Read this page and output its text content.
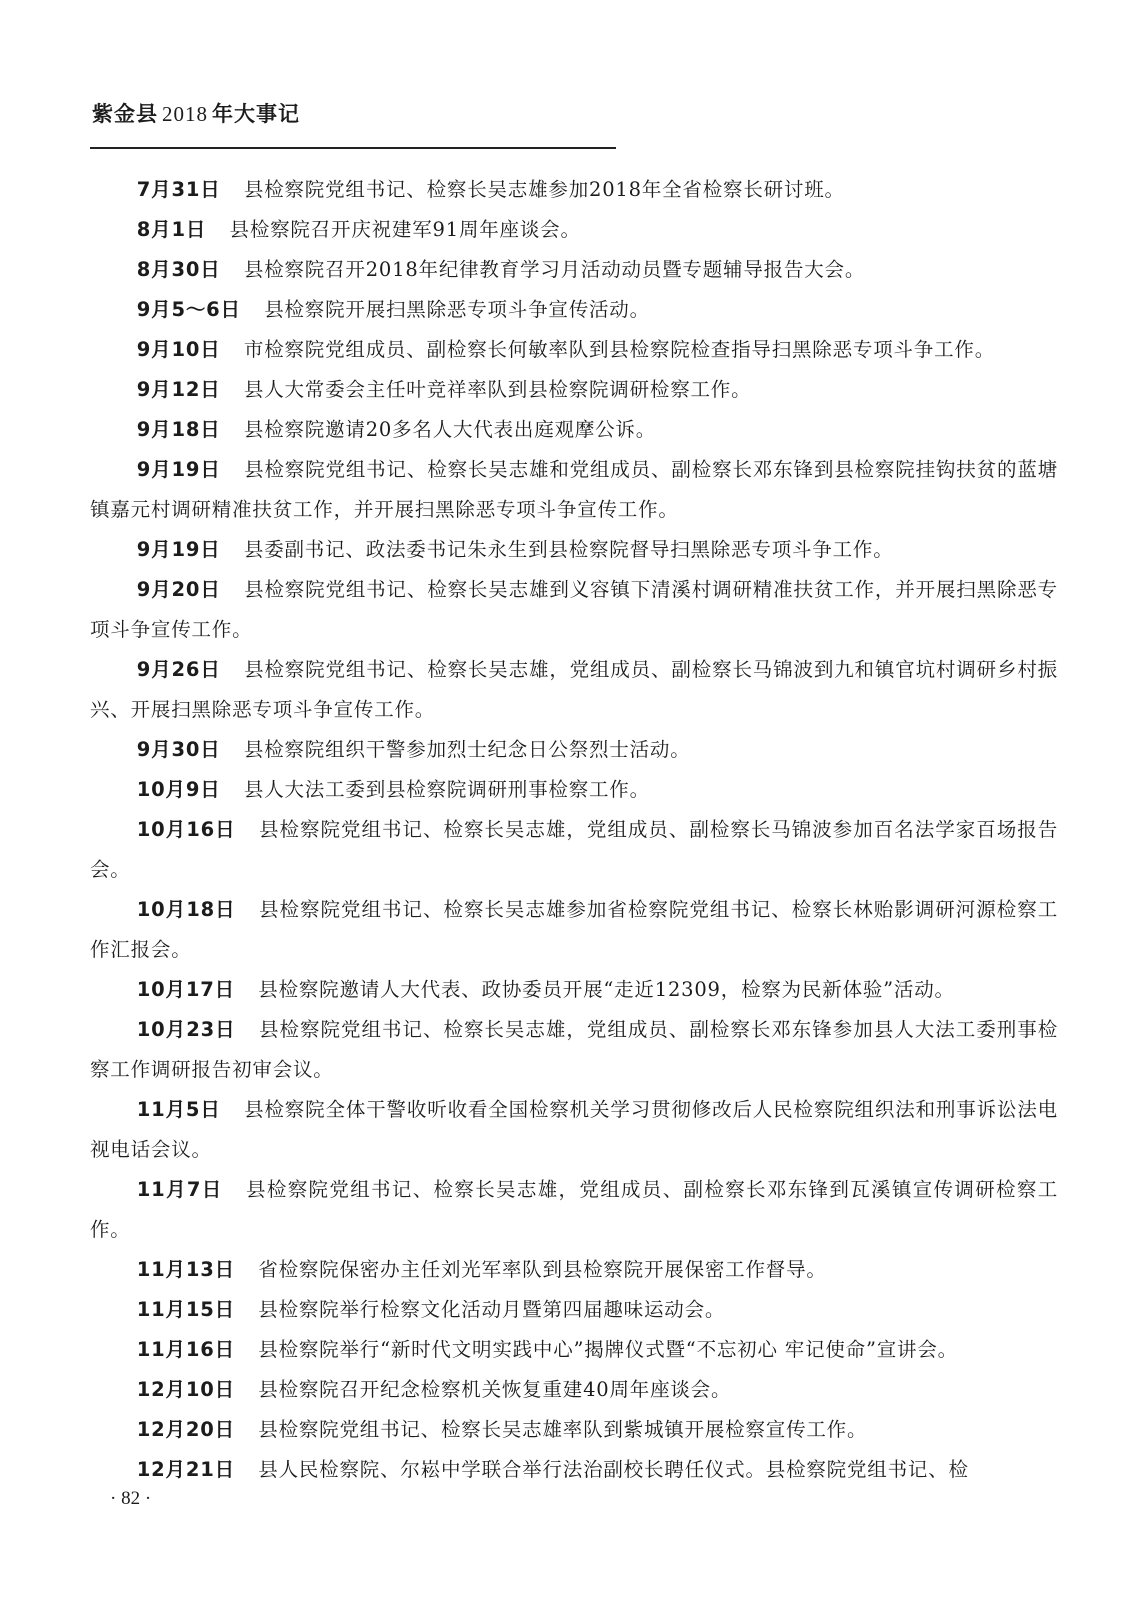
紫金县 2018 年大事记

7月31日 县检察院党组书记、检察长吴志雄参加2018年全省检察长研讨班。

8月1日 县检察院召开庆祝建军91周年座谈会。

8月30日 县检察院召开2018年纪律教育学习月活动动员暨专题辅导报告大会。

9月5～6日 县检察院开展扫黑除恶专项斗争宣传活动。

9月10日 市检察院党组成员、副检察长何敏率队到县检察院检查指导扫黑除恶专项斗争工作。

9月12日 县人大常委会主任叶竞祥率队到县检察院调研检察工作。

9月18日 县检察院邀请20多名人大代表出庭观摩公诉。

9月19日 县检察院党组书记、检察长吴志雄和党组成员、副检察长邓东锋到县检察院挂钩扶贫的蓝塘镇嘉元村调研精准扶贫工作，并开展扫黑除恶专项斗争宣传工作。

9月19日 县委副书记、政法委书记朱永生到县检察院督导扫黑除恶专项斗争工作。

9月20日 县检察院党组书记、检察长吴志雄到义容镇下清溪村调研精准扶贫工作，并开展扫黑除恶专项斗争宣传工作。

9月26日 县检察院党组书记、检察长吴志雄，党组成员、副检察长马锦波到九和镇官坑村调研乡村振兴、开展扫黑除恶专项斗争宣传工作。

9月30日 县检察院组织干警参加烈士纪念日公祭烈士活动。

10月9日 县人大法工委到县检察院调研刑事检察工作。

10月16日 县检察院党组书记、检察长吴志雄，党组成员、副检察长马锦波参加百名法学家百场报告会。

10月18日 县检察院党组书记、检察长吴志雄参加省检察院党组书记、检察长林贻影调研河源检察工作汇报会。

10月17日 县检察院邀请人大代表、政协委员开展“走近12309，检察为民新体验”活动。

10月23日 县检察院党组书记、检察长吴志雄，党组成员、副检察长邓东锋参加县人大法工委刑事检察工作调研报告初审会议。

11月5日 县检察院全体干警收听收看全国检察机关学习贯彻修改后人民检察院组织法和刑事诉讼法电视电话会议。

11月7日 县检察院党组书记、检察长吴志雄，党组成员、副检察长邓东锋到瓦溪镇宣传调研检察工作。

11月13日 省检察院保密办主任刘光军率队到县检察院开展保密工作督导。

11月15日 县检察院举行检察文化活动月暨第四届趣味运动会。

11月16日 县检察院举行“新时代文明实践中心”揭牌仪式暨“不忘初心 牢记使命”宣讲会。

12月10日 县检察院召开纪念检察机关恢复重建40周年座谈会。

12月20日 县检察院党组书记、检察长吴志雄率队到紫城镇开展检察宣传工作。

12月21日 县人民检察院、尔崧中学联合举行法治副校长聘任仪式。县检察院党组书记、检

· 82 ·
